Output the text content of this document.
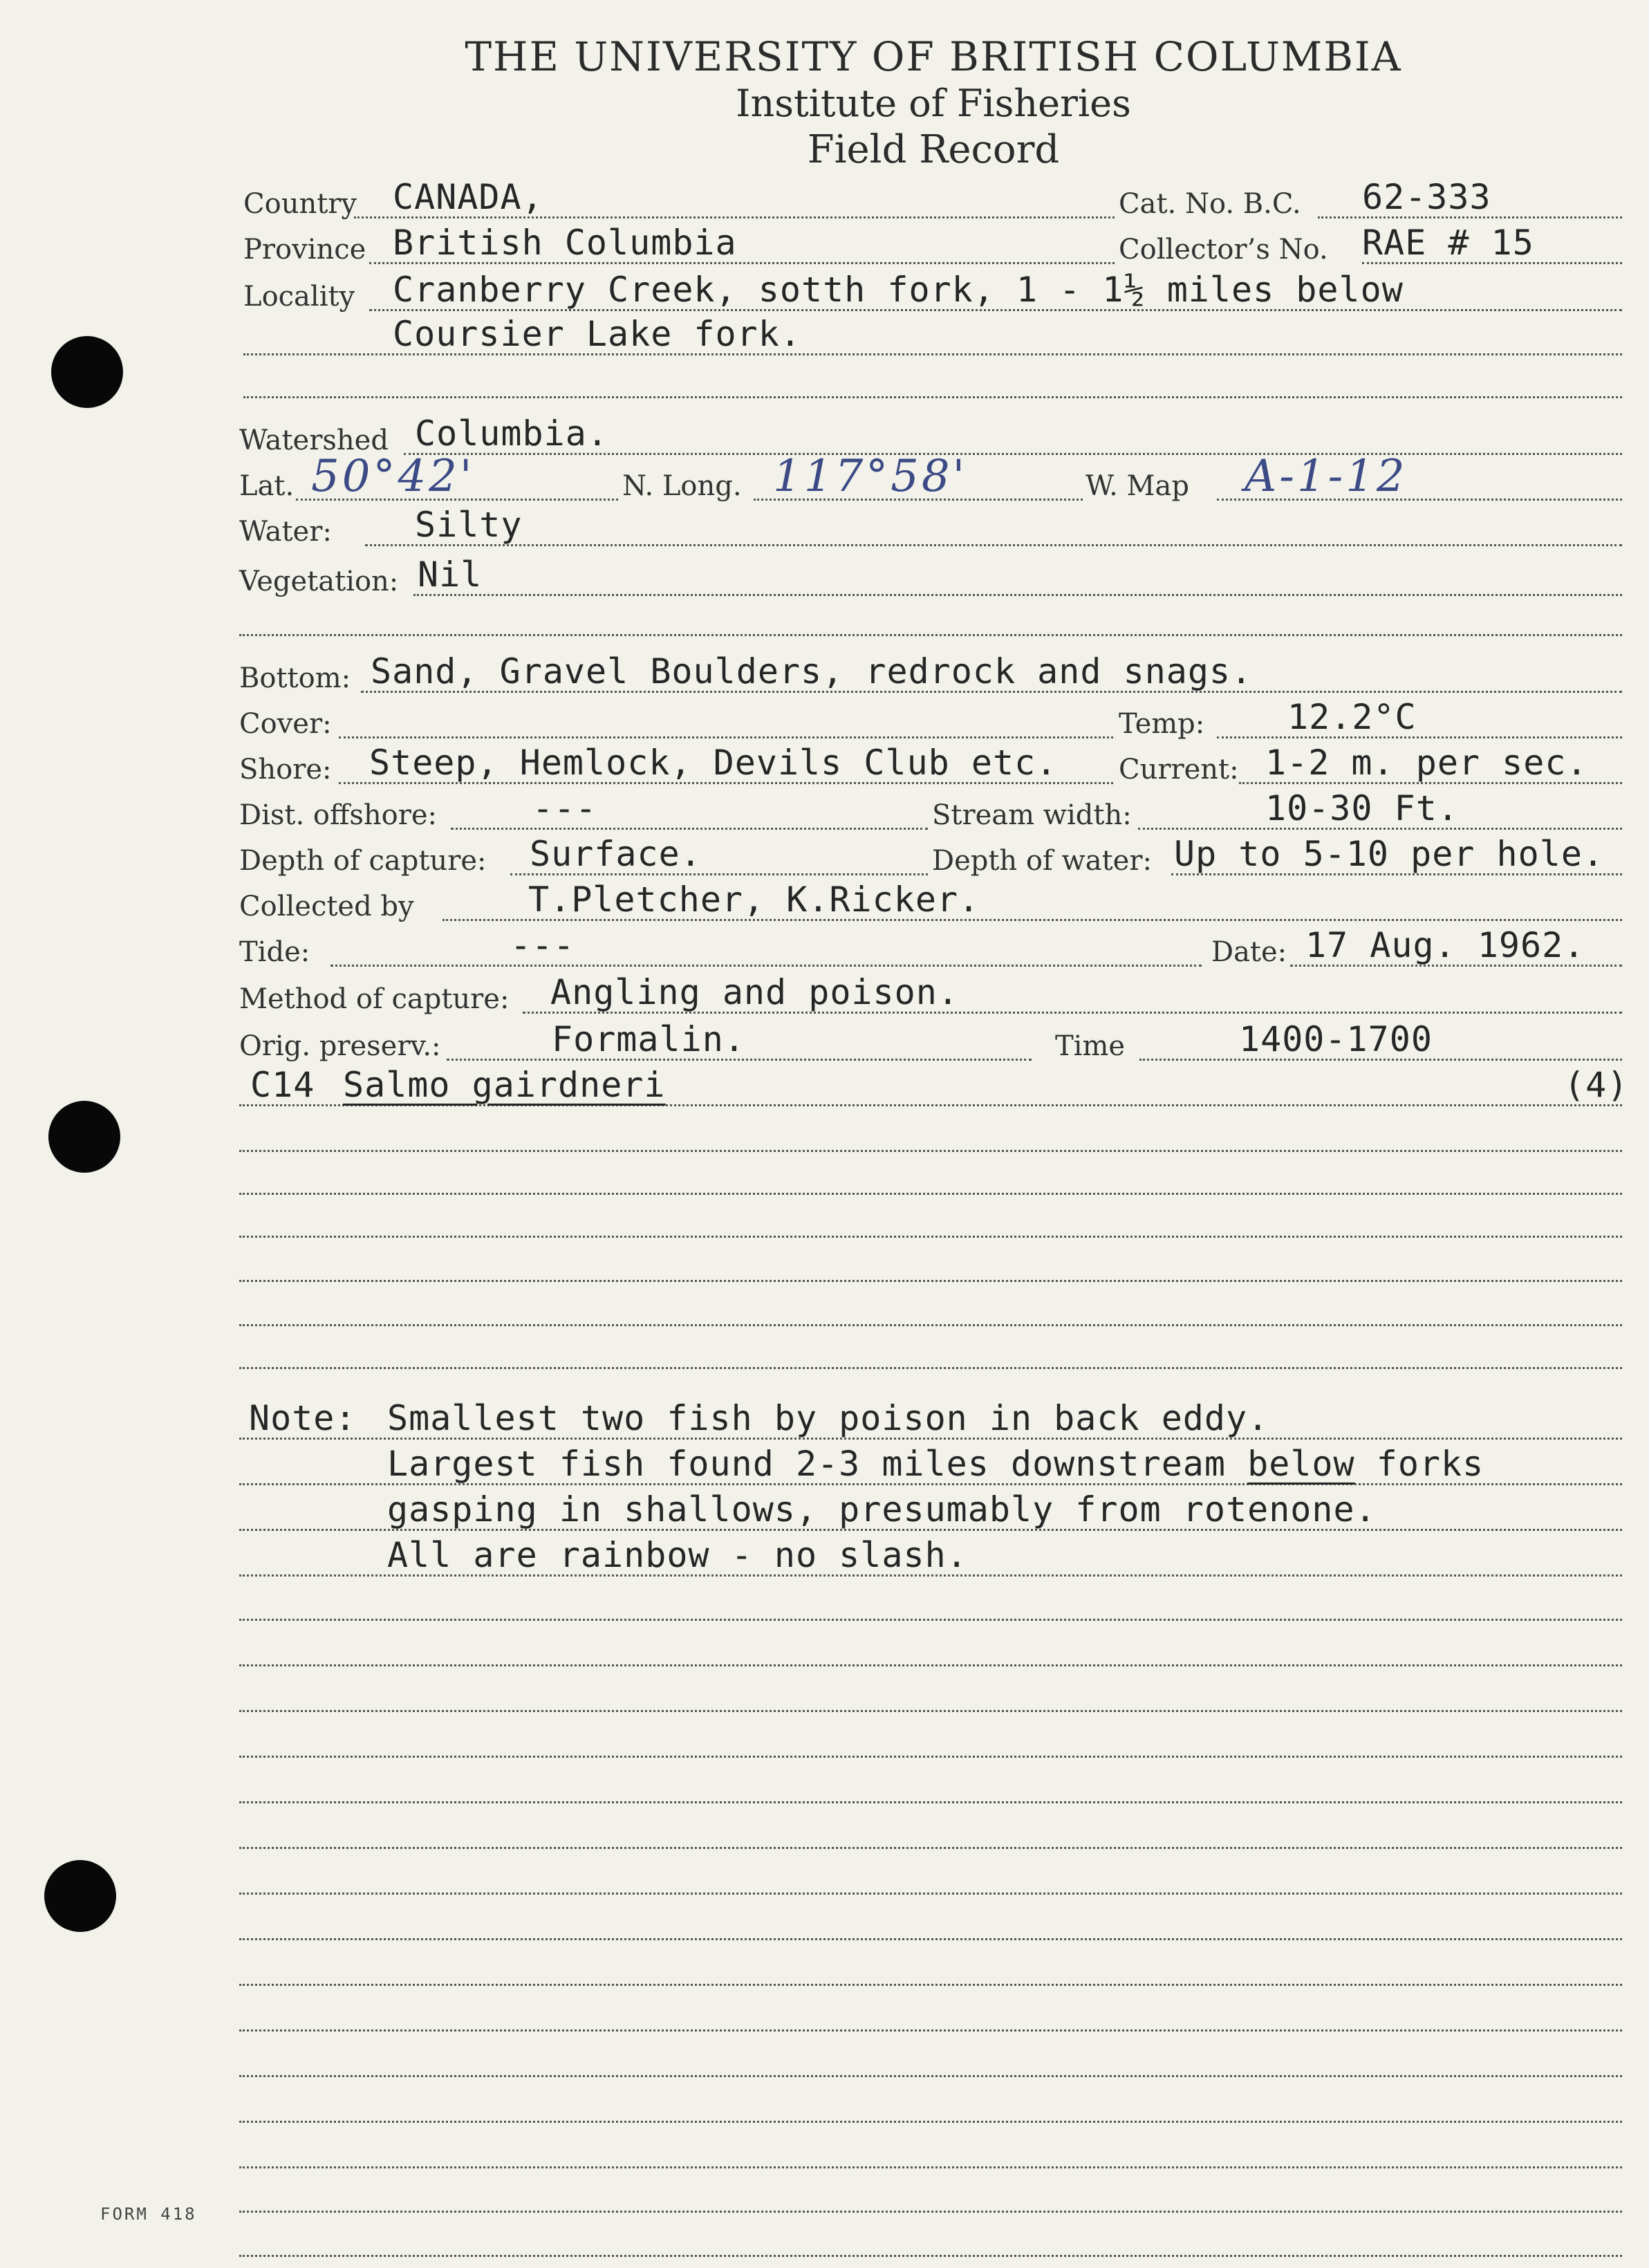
THE UNIVERSITY OF BRITISH COLUMBIA
Institute of Fisheries
Field Record
Country CANADA,	Cat. No. B.C. 62-333
Province British Columbia	Collector’s No. RAE # 15
Locality Cranberry Creek, sotth fork, 1 - 1½ miles below
Coursier Lake fork.
Watershed Columbia.
Lat. 50°42'	N. Long. 117°58'	W. Map A-1-12
Water: Silty
Vegetation: Nil
Bottom: Sand, Gravel Boulders, redrock and snags.
Cover:	Temp: 12.2°C
Shore: Steep, Hemlock, Devils Club etc. Current: 1-2 m. per sec.
Dist. offshore:	---	Stream width:	10-30 Ft.
Depth of capture: Surface.	Depth of water: Up to 5-10 per hole.
Collected by	T.Pletcher, K.Ricker.
Tide:	---	Date: 17 Aug. 1962.
Method of capture: Angling and poison.
Orig. preserv.:	Formalin.	Time	1400-1700
C14 Salmo gairdneri	(4)
Note: Smallest two fish by poison in back eddy.
Largest fish found 2-3 miles downstream below forks
gasping in shallows, presumably from rotenone.
All are rainbow - no slash.
FORM 418
